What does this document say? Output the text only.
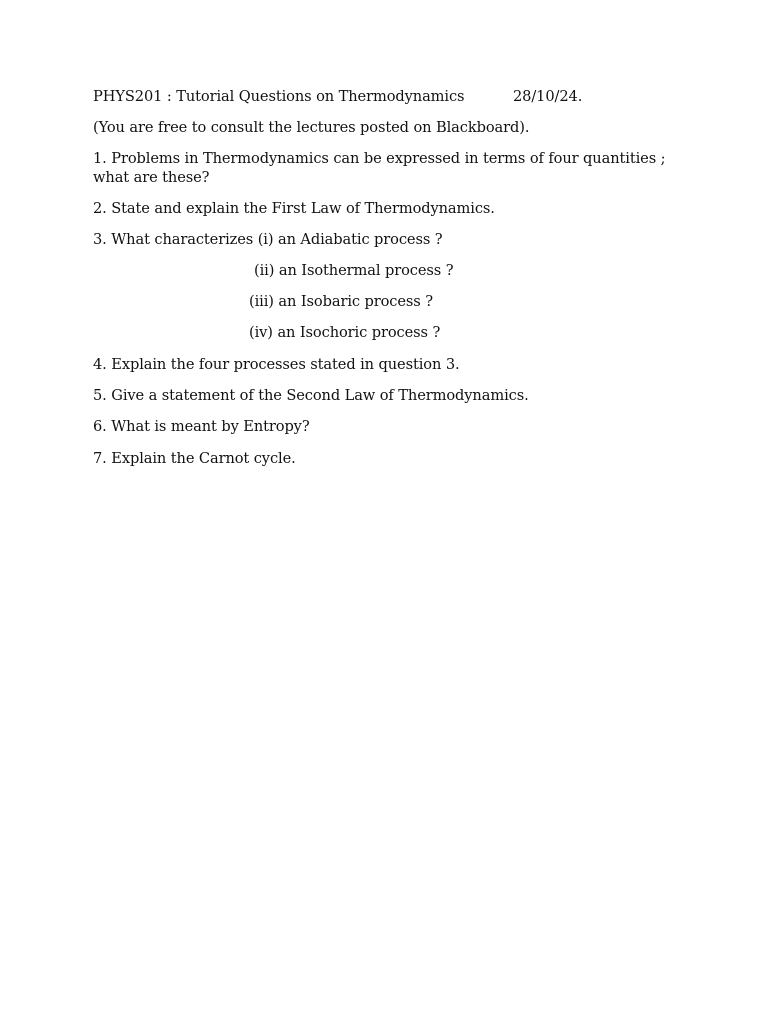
PHYS201 : Tutorial Questions on Thermodynamics	28/10/24.
(You are free to consult the lectures posted on Blackboard).
1. Problems in Thermodynamics can be expressed in terms of four quantities ; what are these?
2. State and explain the First Law of Thermodynamics.
3. What characterizes (i) an Adiabatic process ?
(ii) an Isothermal process ?
(iii) an Isobaric process ?
(iv) an Isochoric process ?
4. Explain the four processes stated in question 3.
5. Give a statement of the Second Law of Thermodynamics.
6. What is meant by Entropy?
7. Explain the Carnot cycle.
